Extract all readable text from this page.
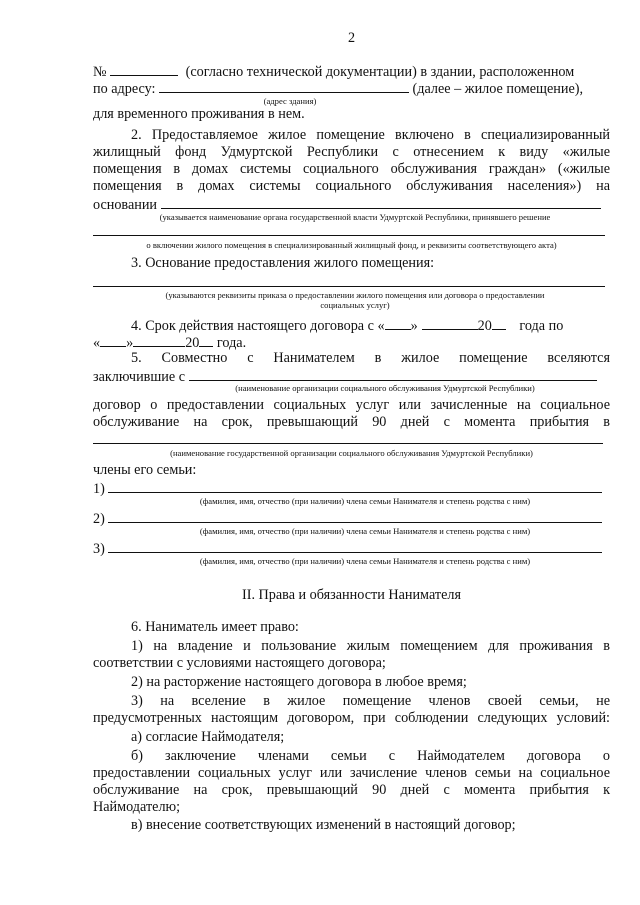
2
№	(согласно технической документации) в здании, расположенном
по адресу:	(далее – жилое помещение),
(адрес здания)
для временного проживания в нем.
2. Предоставляемое жилое помещение включено в специализированный
жилищный фонд Удмуртской Республики с отнесением к виду «жилые
помещения в домах системы социального обслуживания граждан» («жилые
помещения в домах системы социального обслуживания населения») на
основании
(указывается наименование органа государственной власти Удмуртской Республики, принявшего решение
о включении жилого помещения в специализированный жилищный фонд, и реквизиты соответствующего акта)
3. Основание предоставления жилого помещения:
(указываются реквизиты приказа о предоставлении жилого помещения или договора о предоставлении
социальных услуг)
4. Срок действия настоящего договора с « »	20 года по
« »	20 года.
5. Совместно с Нанимателем в жилое помещение вселяются
заключившие с
(наименование организации социального обслуживания Удмуртской Республики)
договор о предоставлении социальных услуг или зачисленные на социальное
обслуживание на срок, превышающий 90 дней с момента прибытия в
(наименование государственной организации социального обслуживания Удмуртской Республики)
члены его семьи:
1)
(фамилия, имя, отчество (при наличии) члена семьи Нанимателя и степень родства с ним)
2)
(фамилия, имя, отчество (при наличии) члена семьи Нанимателя и степень родства с ним)
3)
(фамилия, имя, отчество (при наличии) члена семьи Нанимателя и степень родства с ним)
II. Права и обязанности Нанимателя
6. Наниматель имеет право:
1) на владение и пользование жилым помещением для проживания в
соответствии с условиями настоящего договора;
2) на расторжение настоящего договора в любое время;
3) на вселение в жилое помещение членов своей семьи, не
предусмотренных настоящим договором, при соблюдении следующих условий:
а) согласие Наймодателя;
б) заключение членами семьи с Наймодателем договора о
предоставлении социальных услуг или зачисление членов семьи на социальное
обслуживание на срок, превышающий 90 дней с момента прибытия к
Наймодателю;
в) внесение соответствующих изменений в настоящий договор;
